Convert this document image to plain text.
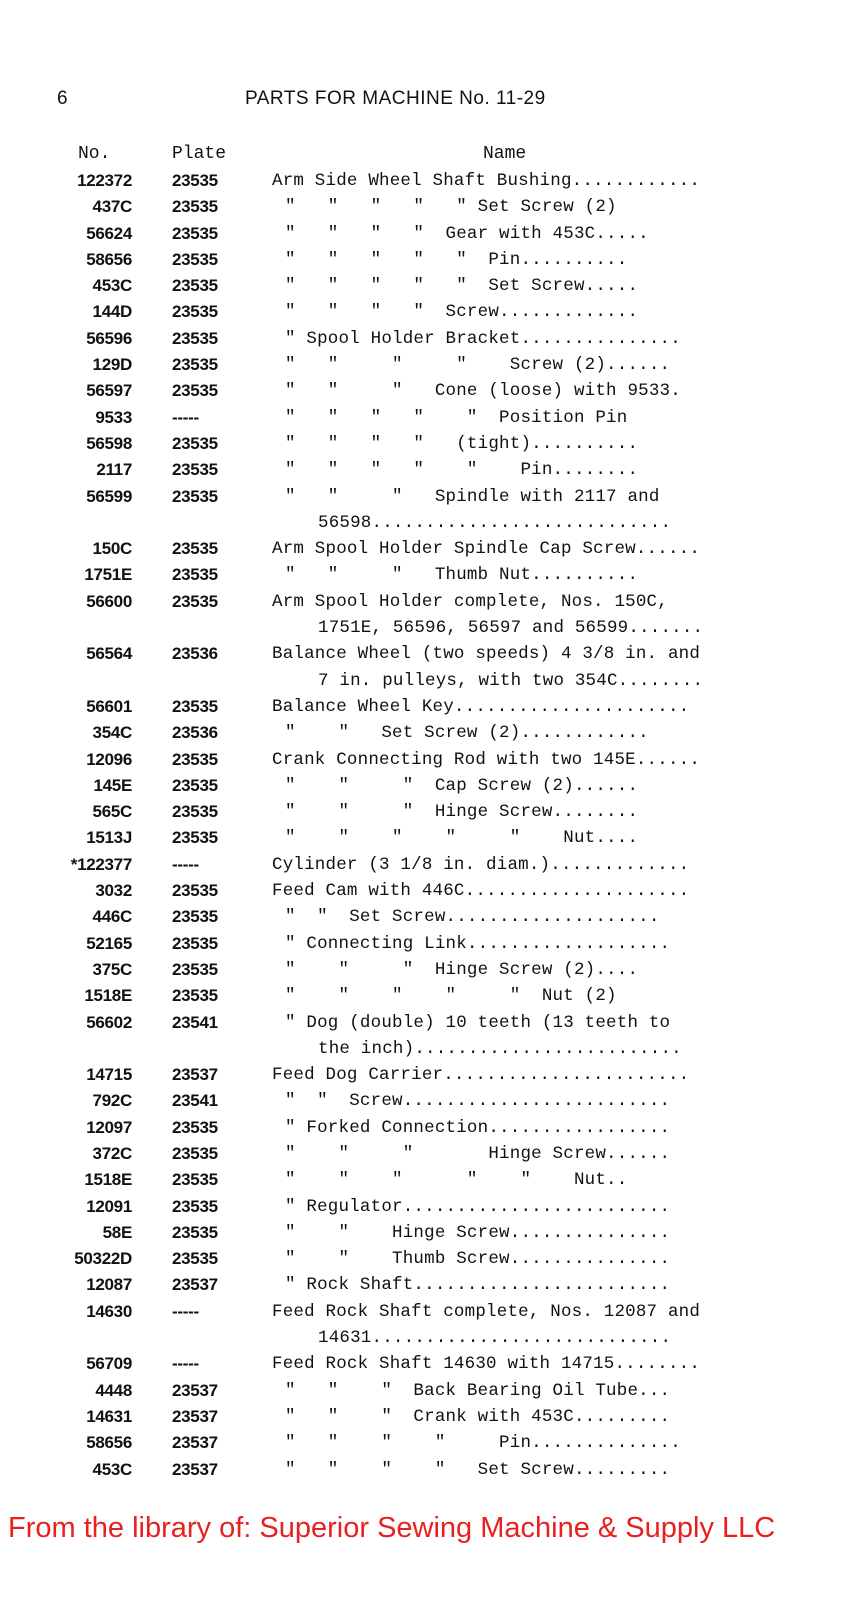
6	PARTS FOR MACHINE No. 11-29
No.	Plate	Name
122372 23535	Arm Side Wheel Shaft Bushing............
437C 23535	"   "   "   "   " Set Screw (2)
56624 23535	"   "   "   "  Gear with 453C.....
58656 23535	"   "   "   "   "  Pin..........
453C 23535	"   "   "   "   "  Set Screw.....
144D 23535	"   "   "   "  Screw.............
56596 23535	" Spool Holder Bracket...............
129D 23535	"   "     "     "    Screw (2)......
56597 23535	"   "     "   Cone (loose) with 9533.
9533 -----	"   "   "   "    "  Position Pin
56598 23535	"   "   "   "   (tight)..........
2117 23535	"   "   "   "    "    Pin........
56599 23535	"   "     "   Spindle with 2117 and
56598............................
150C 23535	Arm Spool Holder Spindle Cap Screw......
1751E 23535	"   "     "   Thumb Nut..........
56600 23535	Arm Spool Holder complete, Nos. 150C,
1751E, 56596, 56597 and 56599.......
56564 23536	Balance Wheel (two speeds) 4 3/8 in. and
7 in. pulleys, with two 354C........
56601 23535	Balance Wheel Key......................
354C 23536	"    "   Set Screw (2)............
12096 23535	Crank Connecting Rod with two 145E......
145E 23535	"    "     "  Cap Screw (2)......
565C 23535	"    "     "  Hinge Screw........
1513J 23535	"    "    "    "     "    Nut....
*122377 -----	Cylinder (3 1/8 in. diam.).............
3032 23535	Feed Cam with 446C.....................
446C 23535	"  "  Set Screw....................
52165 23535	" Connecting Link...................
375C 23535	"    "     "  Hinge Screw (2)....
1518E 23535	"    "    "    "     "  Nut (2)
56602 23541	" Dog (double) 10 teeth (13 teeth to
the inch).........................
14715 23537	Feed Dog Carrier.......................
792C 23541	"  "  Screw.........................
12097 23535	" Forked Connection.................
372C 23535	"    "     "       Hinge Screw......
1518E 23535	"    "    "      "    "    Nut..
12091 23535	" Regulator.........................
58E 23535	"    "    Hinge Screw...............
50322D 23535	"    "    Thumb Screw...............
12087 23537	" Rock Shaft........................
14630 -----	Feed Rock Shaft complete, Nos. 12087 and
14631............................
56709 -----	Feed Rock Shaft 14630 with 14715........
4448 23537	"   "    "  Back Bearing Oil Tube...
14631 23537	"   "    "  Crank with 453C.........
58656 23537	"   "    "    "     Pin..............
453C 23537	"   "    "    "   Set Screw.........
From the library of: Superior Sewing Machine & Supply LLC
